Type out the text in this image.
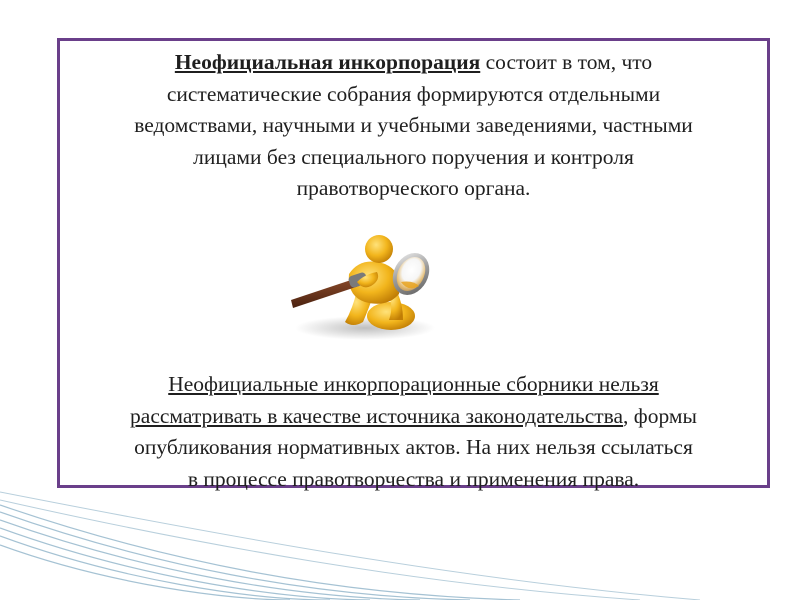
Неофициальная инкорпорация состоит в том, что
систематические собрания формируются отдельными
ведомствами, научными и учебными заведениями, частными
лицами без специального поручения и контроля
правотворческого органа.
Неофициальные инкорпорационные сборники нельзя
рассматривать в качестве источника законодательства, формы
опубликования нормативных актов. На них нельзя ссылаться
в процессе правотворчества и применения права.
